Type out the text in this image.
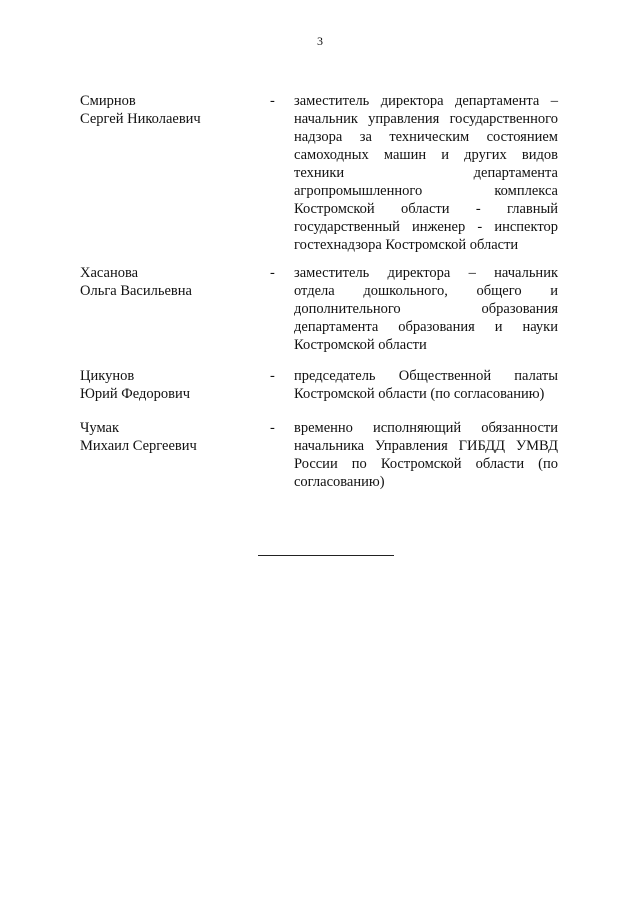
3
Смирнов
Сергей Николаевич
- заместитель директора департамента –
начальник управления государственного
надзора за техническим состоянием
самоходных машин и других видов
техники департамента
агропромышленного комплекса
Костромской области - главный
государственный инженер - инспектор
гостехнадзора Костромской области
Хасанова
Ольга Васильевна
- заместитель директора – начальник
отдела дошкольного, общего и
дополнительного образования
департамента образования и науки
Костромской области
Цикунов
Юрий Федорович
- председатель Общественной палаты
Костромской области (по согласованию)
Чумак
Михаил Сергеевич
- временно исполняющий обязанности
начальника Управления ГИБДД УМВД
России по Костромской области (по
согласованию)
